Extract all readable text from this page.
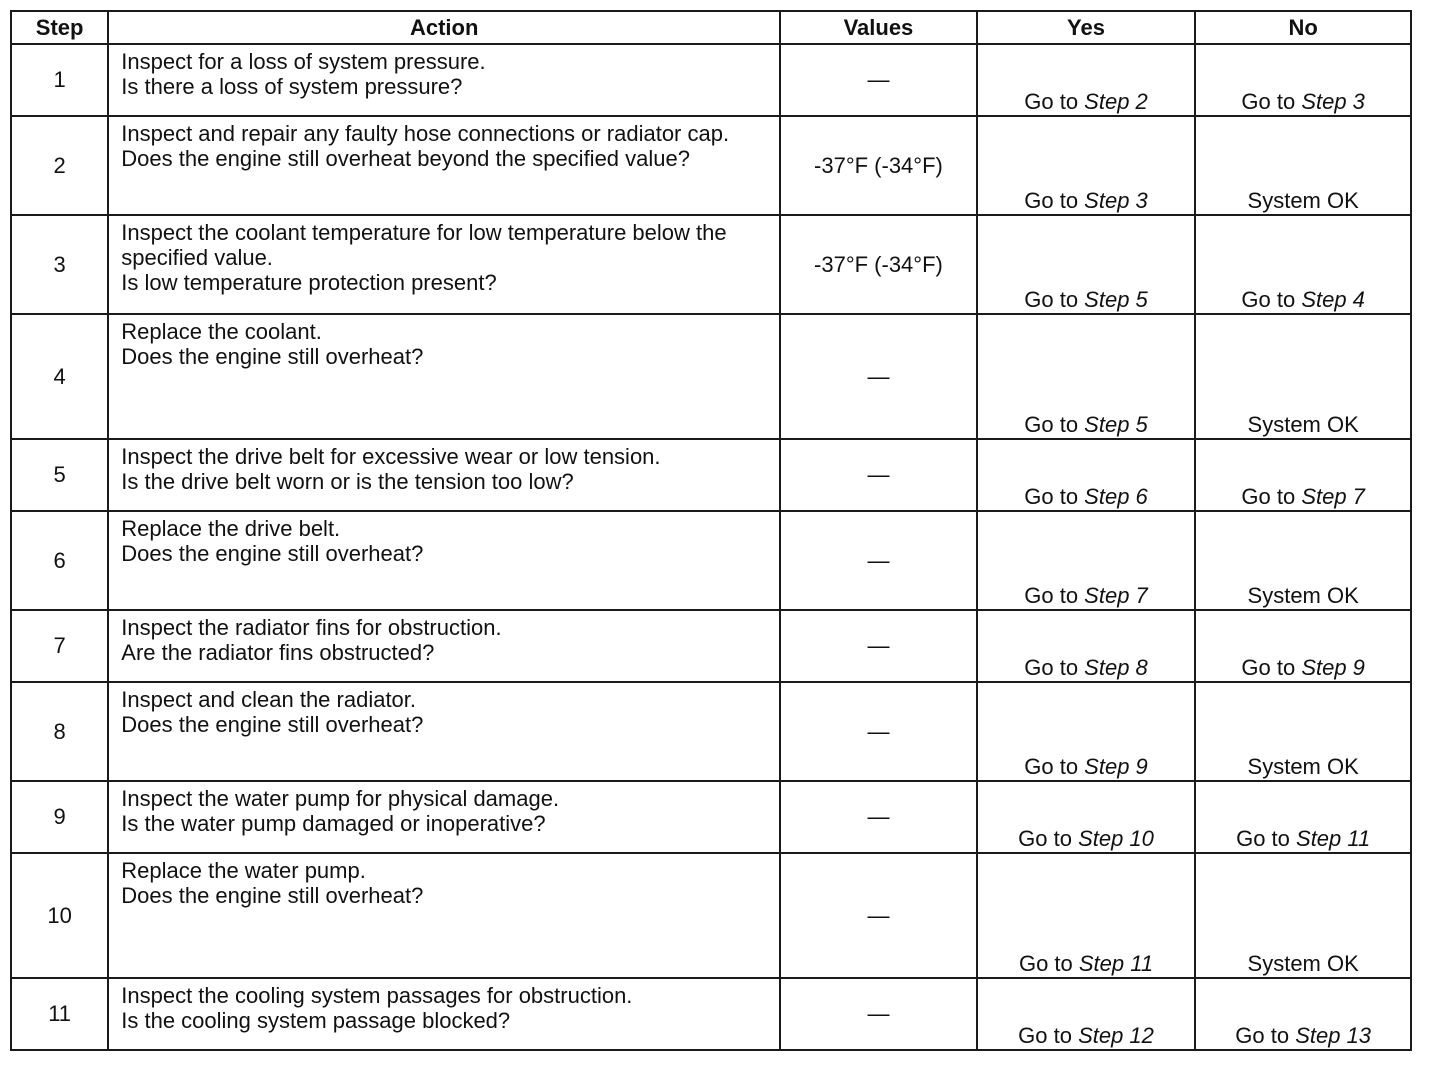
Step	Action	Values	Yes	No
1	Inspect for a loss of system pressure.
Is there a loss of system pressure?	—	Go to Step 2	Go to Step 3
2	Inspect and repair any faulty hose connections or radiator cap.
Does the engine still overheat beyond the specified value?	-37°F (-34°F)	Go to Step 3	System OK
3	Inspect the coolant temperature for low temperature below the specified value.
Is low temperature protection present?	-37°F (-34°F)	Go to Step 5	Go to Step 4
4	Replace the coolant.
Does the engine still overheat?	—	Go to Step 5	System OK
5	Inspect the drive belt for excessive wear or low tension.
Is the drive belt worn or is the tension too low?	—	Go to Step 6	Go to Step 7
6	Replace the drive belt.
Does the engine still overheat?	—	Go to Step 7	System OK
7	Inspect the radiator fins for obstruction.
Are the radiator fins obstructed?	—	Go to Step 8	Go to Step 9
8	Inspect and clean the radiator.
Does the engine still overheat?	—	Go to Step 9	System OK
9	Inspect the water pump for physical damage.
Is the water pump damaged or inoperative?	—	Go to Step 10	Go to Step 11
10	Replace the water pump.
Does the engine still overheat?	—	Go to Step 11	System OK
11	Inspect the cooling system passages for obstruction.
Is the cooling system passage blocked?	—	Go to Step 12	Go to Step 13
